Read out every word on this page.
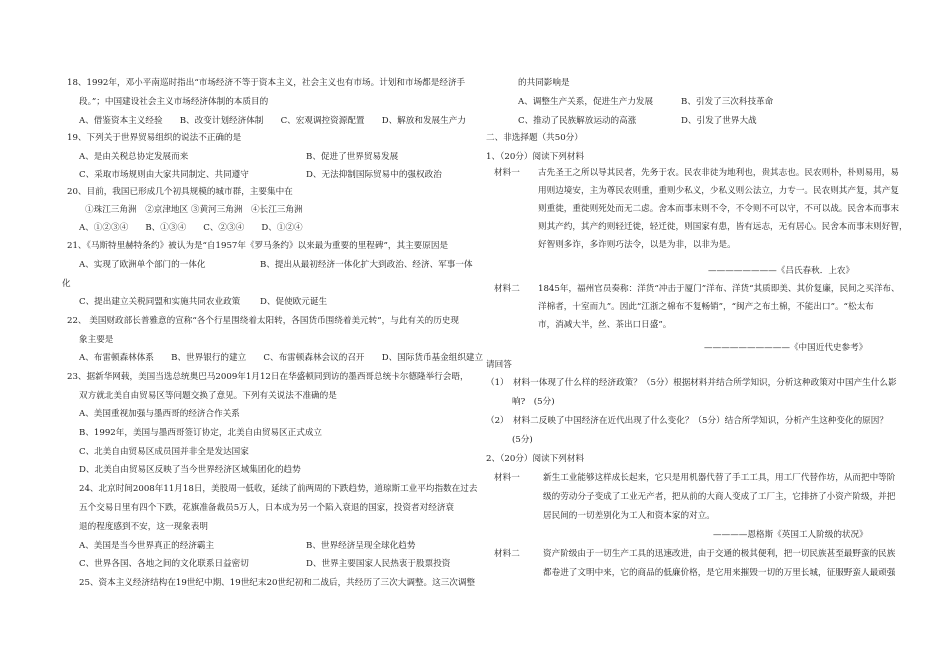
18、1992年，邓小平南巡时指出“市场经济不等于资本主义，社会主义也有市场。计划和市场都是经济手
段。”；中国建设社会主义市场经济体制的本质目的
A、借鉴资本主义经验　　B、改变计划经济体制　　C、宏观调控资源配置　　D、解放和发展生产力
19、下列关于世界贸易组织的说法不正确的是
A、是由关税总协定发展而来	B、促进了世界贸易发展
C、采取市场规则由大家共同制定、共同遵守	D、无法抑制国际贸易中的强权政治
20、目前，我国已形成几个初具规模的城市群，主要集中在
①珠江三角洲　②京津地区 ③黄河三角洲　④长江三角洲
A、①②③④　　B、①③④　　C、②③④　　D、①②④
21、《马斯特里赫特条约》被认为是“自1957年《罗马条约》以来最为重要的里程碑”，其主要原因是
A、实现了欧洲单个部门的一体化	B、提出从最初经济一体化扩大到政治、经济、军事一体
化
C、提出建立关税同盟和实施共同农业政策 D、促使欧元诞生
22、 美国财政部长普雅意的宣称“各个行星围绕着太阳转，各国货币围绕着美元转”，与此有关的历史现
象主要是
A、布雷顿森林体系　　B、世界银行的建立　　C、布雷顿森林会议的召开　　D、国际货币基金组织建立
23、据新华网载，美国当选总统奥巴马2009年1月12日在华盛顿同到访的墨西哥总统卡尔德隆举行会晤，
双方就北美自由贸易区等问题交换了意见。下列有关说法不准确的是
A、美国重视加强与墨西哥的经济合作关系
B、1992年，美国与墨西哥签订协定，北美自由贸易区正式成立
C、北美自由贸易区成员国并非全是发达国家
D、北美自由贸易区反映了当今世界经济区域集团化的趋势
24、北京时间2008年11月18日，美股周一低收，延续了前两周的下跌趋势，道琼斯工业平均指数在过去
五个交易日里有四个下跌，花旗准备裁员5万人，日本成为另一个陷入衰退的国家，投资者对经济衰
退的程度感到不安，这一现象表明
A、美国是当今世界真正的经济霸主	B、世界经济呈现全球化趋势
C、世界各国、各地之间的文化联系日益密切	D、世界主要国家人民热衷于股票投资
25、资本主义经济结构在19世纪中期、19世纪末20世纪初和二战后，共经历了三次大调整。这三次调整
的共同影响是
A、调整生产关系，促进生产力发展	B、引发了三次科技革命
C、推动了民族解放运动的高涨	D、引发了世界大战
二、非选择题（共50分）
1、（20分）阅读下列材料
材料一 古先圣王之所以导其民者，先务于农。民农非徒为地利也，贵其志也。民农则朴，朴则易用，易
用则边境安，主为尊民农则重，重则少私义，少私义则公法立，力专一。民农则其产复，其产复
则重徙，重徙则死处而无二虑。舍本而事末则不令，不令则不可以守，不可以战。民舍本而事末
则其产约，其产约则轻迁徙，轻迁徙，则国家有患，皆有远志，无有居心。民舍本而事末则好智，
好智则多诈，多诈则巧法令，以是为非，以非为是。
————————《吕氏春秋．上农》
材料二 1845年，福州官员奏称：洋货“冲击于厦门”洋布、洋货“其质即美、其价复廉，民间之买洋布、
洋棉者，十室而九”。因此“江浙之棉布不复畅销”，“闽产之布土棉，不能出口”。“松太布
市，消减大半，丝、茶出口日盛”。
——————————《中国近代史参考》
请回答
（1）　材料一体现了什么样的经济政策？（5分）根据材料并结合所学知识，分析这种政策对中国产生什么影
响?　(5分)
（2）　材料二反映了中国经济在近代出现了什么变化？（5分）结合所学知识，分析产生这种变化的原因？
(5分)
2、（20分）阅读下列材料
材料一	新生工业能够这样成长起来，它只是用机器代替了手工工具，用工厂代替作坊，从而把中等阶
级的劳动分子变成了工业无产者，把从前的大商人变成了工厂主，它排挤了小资产阶级，并把
居民间的一切差别化为工人和资本家的对立。
————恩格斯《英国工人阶级的状况》
材料二	资产阶级由于一切生产工具的迅速改进，由于交通的极其便利，把一切民族甚至最野蛮的民族
都卷进了文明中来，它的商品的低廉价格，是它用来摧毁一切的万里长城，征服野蛮人最顽强
